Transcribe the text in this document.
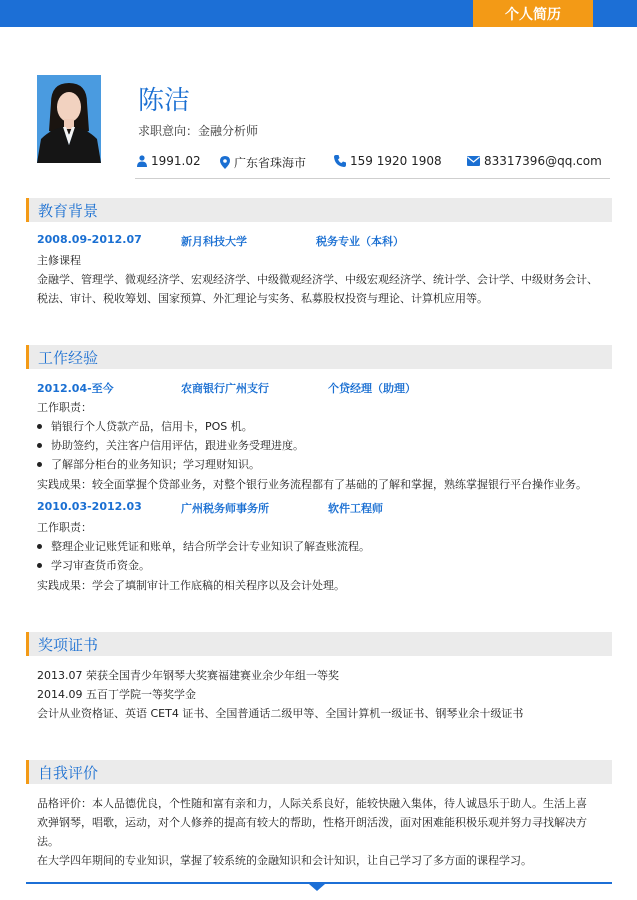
个人简历
陈洁
求职意向：金融分析师
1991.02	广东省珠海市	159 1920 1908	83317396@qq.com
教育背景
2008.09-2012.07	新月科技大学	税务专业（本科）
主修课程
金融学、管理学、微观经济学、宏观经济学、中级微观经济学、中级宏观经济学、统计学、会计学、中级财务会计、
税法、审计、税收筹划、国家预算、外汇理论与实务、私募股权投资与理论、计算机应用等。
工作经验
2012.04-至今	农商银行广州支行	个贷经理（助理）
工作职责：
销银行个人贷款产品，信用卡，POS 机。
协助签约，关注客户信用评估，跟进业务受理进度。
了解部分柜台的业务知识；学习理财知识。
实践成果：较全面掌握个贷部业务，对整个银行业务流程都有了基础的了解和掌握，熟练掌握银行平台操作业务。
2010.03-2012.03	广州税务师事务所	软件工程师
工作职责：
整理企业记账凭证和账单，结合所学会计专业知识了解查账流程。
学习审查货币资金。
实践成果：学会了填制审计工作底稿的相关程序以及会计处理。
奖项证书
2013.07 荣获全国青少年钢琴大奖赛福建赛业余少年组一等奖
2014.09 五百丁学院一等奖学金
会计从业资格证、英语 CET4 证书、全国普通话二级甲等、全国计算机一级证书、钢琴业余十级证书
自我评价
品格评价：本人品德优良，个性随和富有亲和力，人际关系良好，能较快融入集体，待人诚恳乐于助人。生活上喜
欢弹钢琴，唱歌，运动，对个人修养的提高有较大的帮助，性格开朗活泼，面对困难能积极乐观并努力寻找解决方
法。
在大学四年期间的专业知识，掌握了较系统的金融知识和会计知识，让自己学习了多方面的课程学习。
